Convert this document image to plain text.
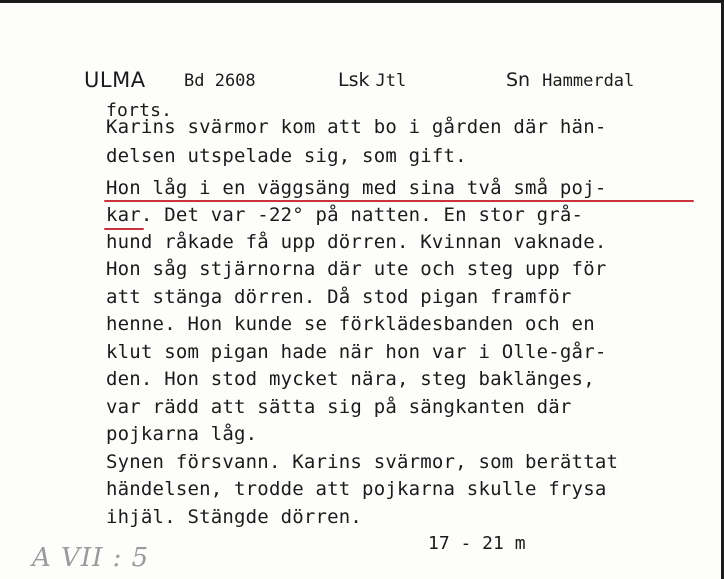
ULMA Bd 2608	Lsk Jtl	Sn Hammerdal
forts.
Karins svärmor kom att bo i gården där hän-
delsen utspelade sig, som gift.
Hon låg i en väggsäng med sina två små poj-
kar. Det var -22° på natten. En stor grå-
hund råkade få upp dörren. Kvinnan vaknade.
Hon såg stjärnorna där ute och steg upp för
att stänga dörren. Då stod pigan framför
henne. Hon kunde se förklädesbanden och en
klut som pigan hade när hon var i Olle-går-
den. Hon stod mycket nära, steg baklänges,
var rädd att sätta sig på sängkanten där
pojkarna låg.
Synen försvann. Karins svärmor, som berättat
händelsen, trodde att pojkarna skulle frysa
ihjäl. Stängde dörren.
17 - 21 m
A VII : 5
